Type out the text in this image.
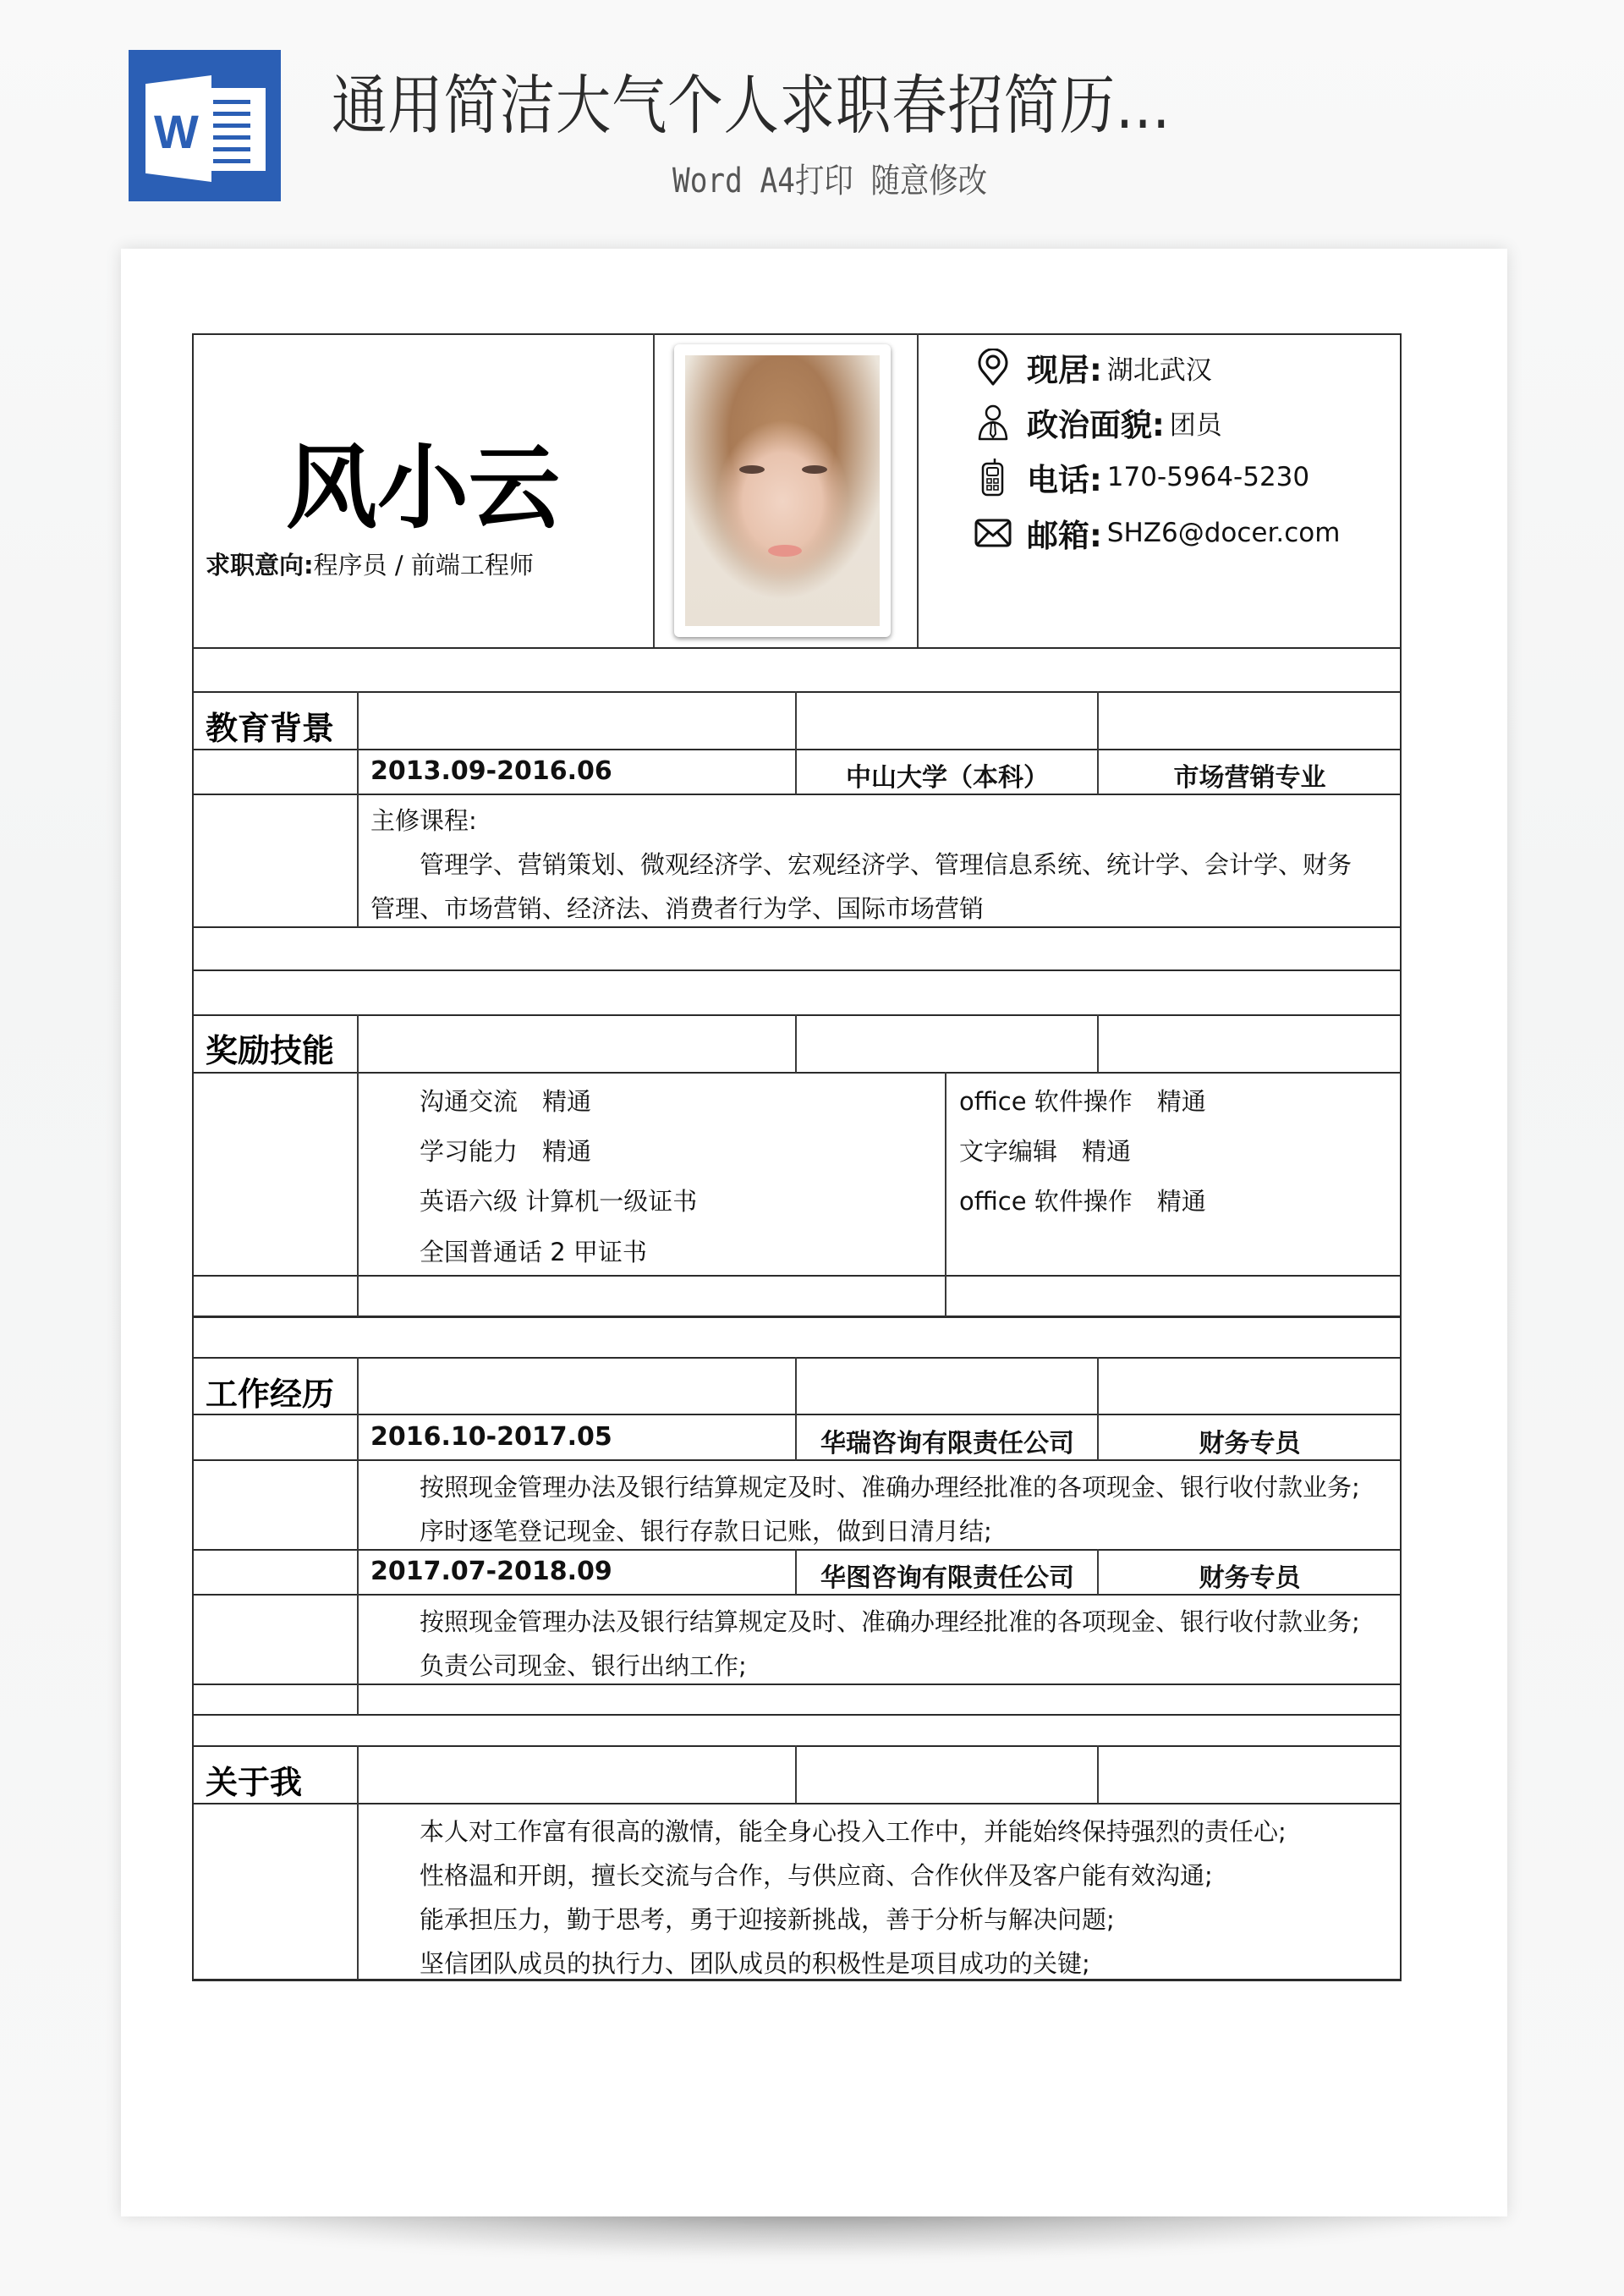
W 通用简洁大气个人求职春招简历...
Word A4打印 随意修改
风小云
求职意向:程序员 / 前端工程师
现居: 湖北武汉
政治面貌: 团员
电话: 170-5964-5230
邮箱: SHZ6@docer.com
教育背景
2013.09-2016.06	中山大学（本科）	市场营销专业
主修课程:
管理学、营销策划、微观经济学、宏观经济学、管理信息系统、统计学、会计学、财务
管理、市场营销、经济法、消费者行为学、国际市场营销
奖励技能
沟通交流　精通
学习能力　精通
英语六级 计算机一级证书
全国普通话 2 甲证书
office 软件操作　精通
文字编辑　精通
office 软件操作　精通
工作经历
2016.10-2017.05	华瑞咨询有限责任公司	财务专员
按照现金管理办法及银行结算规定及时、准确办理经批准的各项现金、银行收付款业务;
序时逐笔登记现金、银行存款日记账，做到日清月结;
2017.07-2018.09	华图咨询有限责任公司	财务专员
按照现金管理办法及银行结算规定及时、准确办理经批准的各项现金、银行收付款业务;
负责公司现金、银行出纳工作;
关于我
本人对工作富有很高的激情，能全身心投入工作中，并能始终保持强烈的责任心;
性格温和开朗，擅长交流与合作，与供应商、合作伙伴及客户能有效沟通;
能承担压力，勤于思考，勇于迎接新挑战，善于分析与解决问题;
坚信团队成员的执行力、团队成员的积极性是项目成功的关键;
